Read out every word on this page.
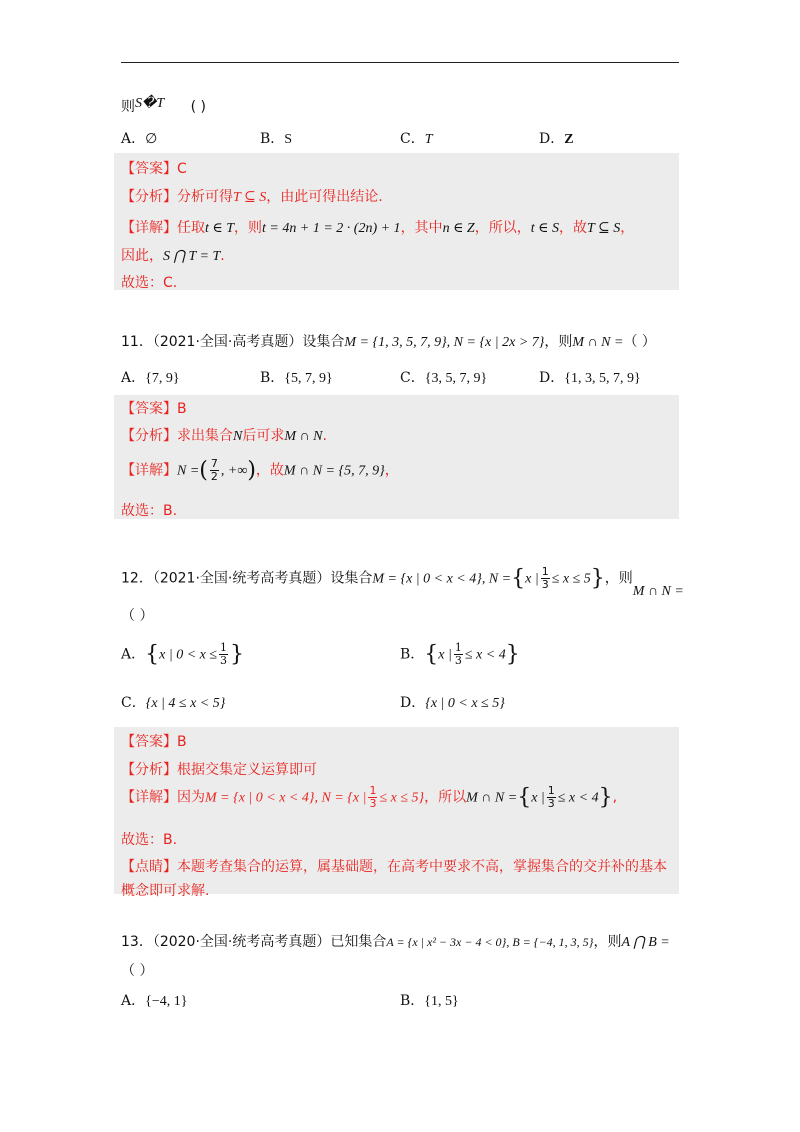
则S�T ( )
A．∅	B．S	C．T	D．Z
【答案】C
【分析】分析可得T ⊆ S，由此可得出结论.
【详解】任取t ∈ T，则t = 4n + 1 = 2 · (2n) + 1，其中n ∈ Z，所以，t ∈ S，故T ⊆ S，
因此，S ⋂ T = T.
故选：C.
11．（2021·全国·高考真题）设集合M = {1, 3, 5, 7, 9}, N = {x | 2x > 7}，则M ∩ N =（ ）
A．{7, 9}	B．{5, 7, 9}	C．{3, 5, 7, 9}	D．{1, 3, 5, 7, 9}
【答案】B
【分析】求出集合N后可求M ∩ N.
【详解】N =( $\frac{7}{2}$ , +∞)，故M ∩ N = {5, 7, 9}，
故选：B.
12．（2021·全国·统考高考真题）设集合M = {x | 0 < x < 4}, N ={x | $\frac{1}{3} \le x \le 5$}，则M ∩ N =
（ ）
A．{x | $0 < x \le \frac{1}{3}$ }	B．{x | $\frac{1}{3} \le x < 4$}
C．{x | 4 ≤ x < 5}	D．{x | 0 < x ≤ 5}
【答案】B
【分析】根据交集定义运算即可
【详解】因为M = {x | 0 < x < 4}, N = {x | $\frac{1}{3} \le x \le 5$}，所以M ∩ N ={x | $\frac{1}{3} \le x < 4$},
故选：B.
【点睛】本题考查集合的运算，属基础题，在高考中要求不高，掌握集合的交并补的基本
概念即可求解.
13．（2020·全国·统考高考真题）已知集合A = {x | x² − 3x − 4 < 0}, B = {−4, 1, 3, 5}，则A ⋂ B =
（ ）
A．{−4, 1}	B．{1, 5}
